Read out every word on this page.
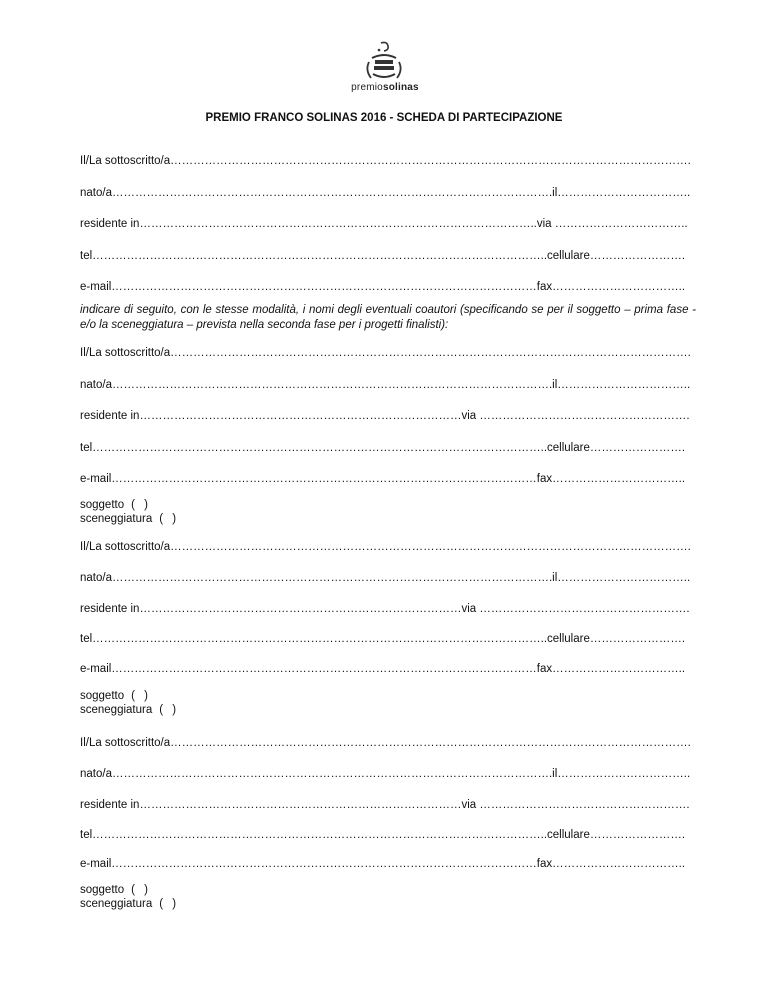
premiosolinas
PREMIO FRANCO SOLINAS 2016 - SCHEDA DI PARTECIPAZIONE
Il/La sottoscritto/a……………………………………………………………………………………………………………………….
nato/a…………………………………………………………………………………………………….il……………………………..
residente in…………………………………………………………………………………………..via ……………………………..
tel………………………………………………………………………………………………………..cellulare…………………….
e-mail…………………………………………………………………………………………………fax……………………………..
indicare di seguito, con le stesse modalità, i nomi degli eventuali coautori (specificando se per il soggetto – prima fase - e/o la sceneggiatura – prevista nella seconda fase per i progetti finalisti):
Il/La sottoscritto/a……………………………………………………………………………………………………………………….
nato/a…………………………………………………………………………………………………….il……………………………..
residente in…………………………………………………………………………via ……………………………………………….
tel………………………………………………………………………………………………………..cellulare…………………….
e-mail…………………………………………………………………………………………………fax……………………………..
soggetto ( )
sceneggiatura ( )
Il/La sottoscritto/a……………………………………………………………………………………………………………………….
nato/a…………………………………………………………………………………………………….il……………………………..
residente in…………………………………………………………………………via ……………………………………………….
tel………………………………………………………………………………………………………..cellulare…………………….
e-mail…………………………………………………………………………………………………fax……………………………..
soggetto ( )
sceneggiatura ( )
Il/La sottoscritto/a……………………………………………………………………………………………………………………….
nato/a…………………………………………………………………………………………………….il……………………………..
residente in…………………………………………………………………………via ……………………………………………….
tel………………………………………………………………………………………………………..cellulare…………………….
e-mail…………………………………………………………………………………………………fax……………………………..
soggetto ( )
sceneggiatura ( )
